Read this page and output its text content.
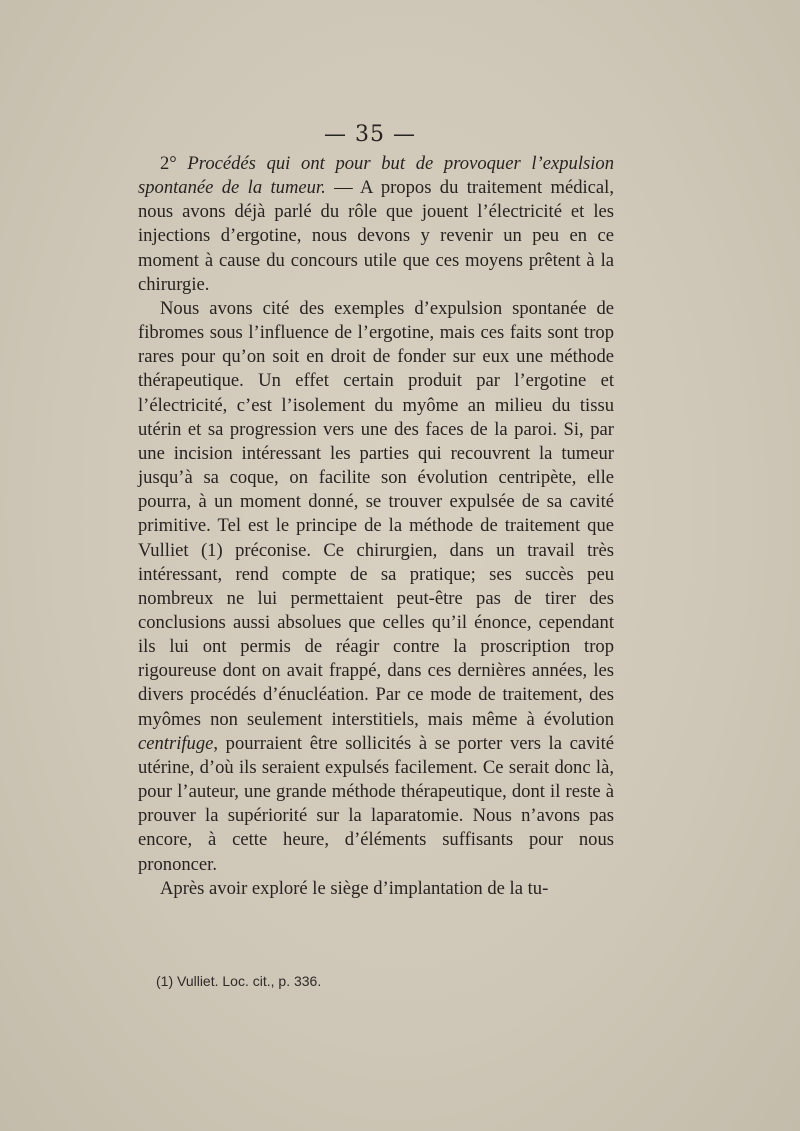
— 35 —

2° Procédés qui ont pour but de provoquer l’expulsion spontanée de la tumeur. — A propos du traitement médical, nous avons déjà parlé du rôle que jouent l’électricité et les injections d’ergotine, nous devons y revenir un peu en ce moment à cause du concours utile que ces moyens prêtent à la chirurgie.

Nous avons cité des exemples d’expulsion spontanée de fibromes sous l’influence de l’ergotine, mais ces faits sont trop rares pour qu’on soit en droit de fonder sur eux une méthode thérapeutique. Un effet certain produit par l’ergotine et l’électricité, c’est l’isolement du myôme an milieu du tissu utérin et sa progression vers une des faces de la paroi. Si, par une incision intéressant les parties qui recouvrent la tumeur jusqu’à sa coque, on facilite son évolution centripète, elle pourra, à un moment donné, se trouver expulsée de sa cavité primitive. Tel est le principe de la méthode de traitement que Vulliet (1) préconise. Ce chirurgien, dans un travail très intéressant, rend compte de sa pratique; ses succès peu nombreux ne lui permettaient peut-être pas de tirer des conclusions aussi absolues que celles qu’il énonce, cependant ils lui ont permis de réagir contre la proscription trop rigoureuse dont on avait frappé, dans ces dernières années, les divers procédés d’énucléation. Par ce mode de traitement, des myômes non seulement interstitiels, mais même à évolution centrifuge, pourraient être sollicités à se porter vers la cavité utérine, d’où ils seraient expulsés facilement. Ce serait donc là, pour l’auteur, une grande méthode thérapeutique, dont il reste à prouver la supériorité sur la laparatomie. Nous n’avons pas encore, à cette heure, d’éléments suffisants pour nous prononcer.

Après avoir exploré le siège d’implantation de la tu-

(1) Vulliet. Loc. cit., p. 336.
